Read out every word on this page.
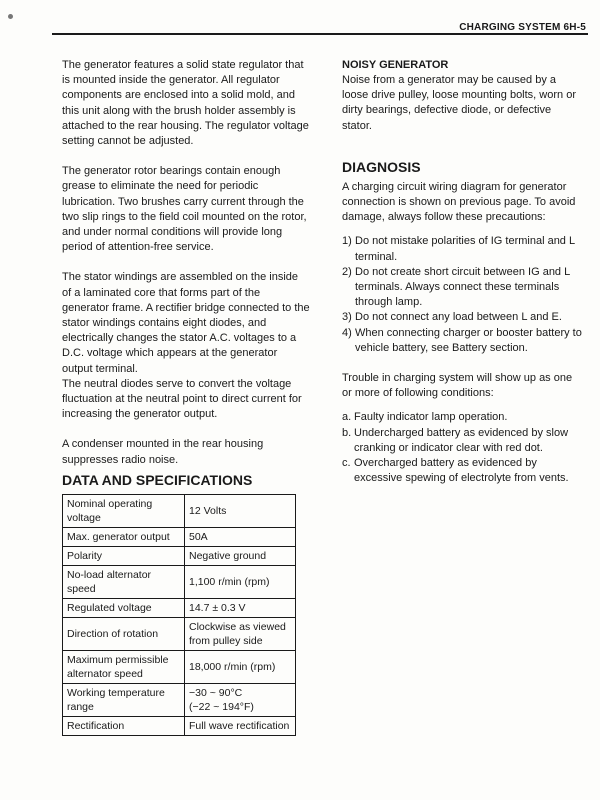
CHARGING SYSTEM 6H-5

The generator features a solid state regulator that is mounted inside the generator. All regulator components are enclosed into a solid mold, and this unit along with the brush holder assembly is attached to the rear housing. The regulator voltage setting cannot be adjusted.

The generator rotor bearings contain enough grease to eliminate the need for periodic lubrication. Two brushes carry current through the two slip rings to the field coil mounted on the rotor, and under normal conditions will provide long period of attention-free service.

The stator windings are assembled on the inside of a laminated core that forms part of the generator frame. A rectifier bridge connected to the stator windings contains eight diodes, and electrically changes the stator A.C. voltages to a D.C. voltage which appears at the generator output terminal.

The neutral diodes serve to convert the voltage fluctuation at the neutral point to direct current for increasing the generator output.

A condenser mounted in the rear housing suppresses radio noise.

NOISY GENERATOR

Noise from a generator may be caused by a loose drive pulley, loose mounting bolts, worn or dirty bearings, defective diode, or defective stator.

DIAGNOSIS

A charging circuit wiring diagram for generator connection is shown on previous page. To avoid damage, always follow these precautions:

1) Do not mistake polarities of IG terminal and L terminal.
2) Do not create short circuit between IG and L terminals. Always connect these terminals through lamp.
3) Do not connect any load between L and E.
4) When connecting charger or booster battery to vehicle battery, see Battery section.

Trouble in charging system will show up as one or more of following conditions:

a. Faulty indicator lamp operation.
b. Undercharged battery as evidenced by slow cranking or indicator clear with red dot.
c. Overcharged battery as evidenced by excessive spewing of electrolyte from vents.
DATA AND SPECIFICATIONS
Nominal operating voltage	12 Volts
Max. generator output	50A
Polarity	Negative ground
No-load alternator speed	1,100 r/min (rpm)
Regulated voltage	14.7 ± 0.3 V
Direction of rotation	Clockwise as viewed from pulley side
Maximum permissible alternator speed	18,000 r/min (rpm)
Working temperature range	−30 ~ 90°C
(−22 ~ 194°F)

Rectification	Full wave rectification
